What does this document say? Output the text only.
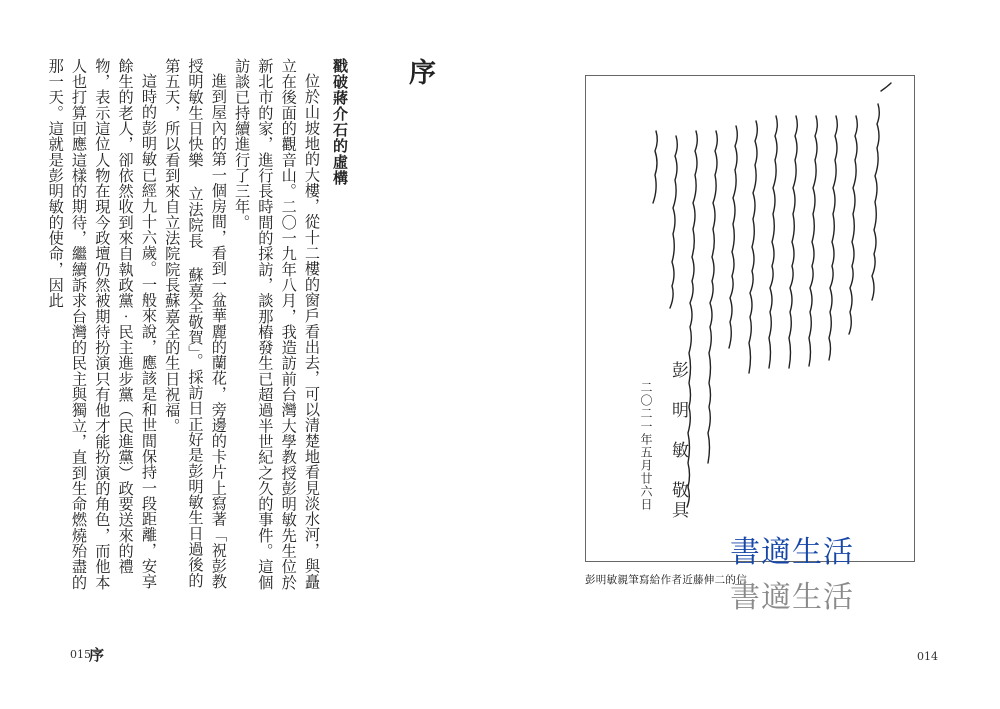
序
戳破蔣介石的虛構

位於山坡地的大樓，從十二樓的窗戶看出去，可以清楚地看見淡水河，與矗立在後面的觀音山。二〇一九年八月，我造訪前台灣大學教授彭明敏先生位於新北市的家，進行長時間的採訪，談那樁發生已超過半世紀之久的事件。這個訪談已持續進行了三年。

進到屋內的第一個房間，看到一盆華麗的蘭花，旁邊的卡片上寫著「祝彭教授明敏生日快樂 立法院長 蘇嘉全敬賀」。採訪日正好是彭明敏生日過後的第五天，所以看到來自立法院院長蘇嘉全的生日祝福。

這時的彭明敏已經九十六歲。一般來說，應該是和世間保持一段距離，安享餘生的老人，卻依然收到來自執政黨‧民主進步黨（民進黨）政要送來的禮物，表示這位人物在現今政壇仍然被期待扮演只有他才能扮演的角色，而他本人也打算回應這樣的期待，繼續訴求台灣的民主與獨立，直到生命燃燒殆盡的那一天。這就是彭明敏的使命，因此

015
序
彭　明　敏　敬具
二〇二一年五月廿六日
書適生活
彭明敏親筆寫給作者近藤伸二的信
書適生活
014
